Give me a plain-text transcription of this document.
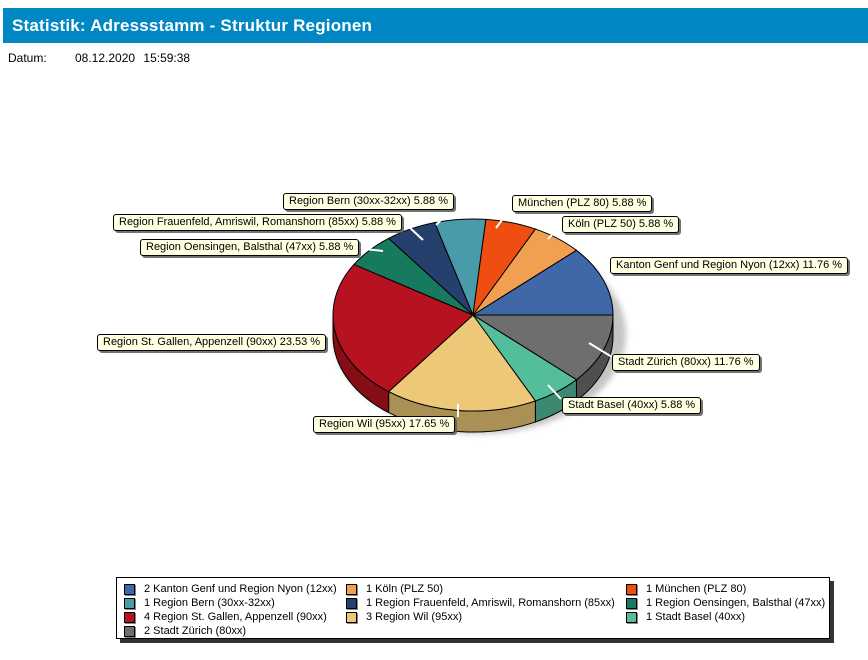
Statistik: Adressstamm - Struktur Regionen
Datum: 08.12.2020 15:59:38
Region Bern (30xx-32xx) 5.88 %
Region Frauenfeld, Amriswil, Romanshorn (85xx) 5.88 %
Region Oensingen, Balsthal (47xx) 5.88 %
München (PLZ 80) 5.88 %
Köln (PLZ 50) 5.88 %
Kanton Genf und Region Nyon (12xx) 11.76 %
Stadt Zürich (80xx) 11.76 %
Stadt Basel (40xx) 5.88 %
Region St. Gallen, Appenzell (90xx) 23.53 %
Region Wil (95xx) 17.65 %
2 Kanton Genf und Region Nyon (12xx)
1 Region Bern (30xx-32xx)
4 Region St. Gallen, Appenzell (90xx)
2 Stadt Zürich (80xx)
1 Köln (PLZ 50)
1 Region Frauenfeld, Amriswil, Romanshorn (85xx)
3 Region Wil (95xx)
1 München (PLZ 80)
1 Region Oensingen, Balsthal (47xx)
1 Stadt Basel (40xx)
